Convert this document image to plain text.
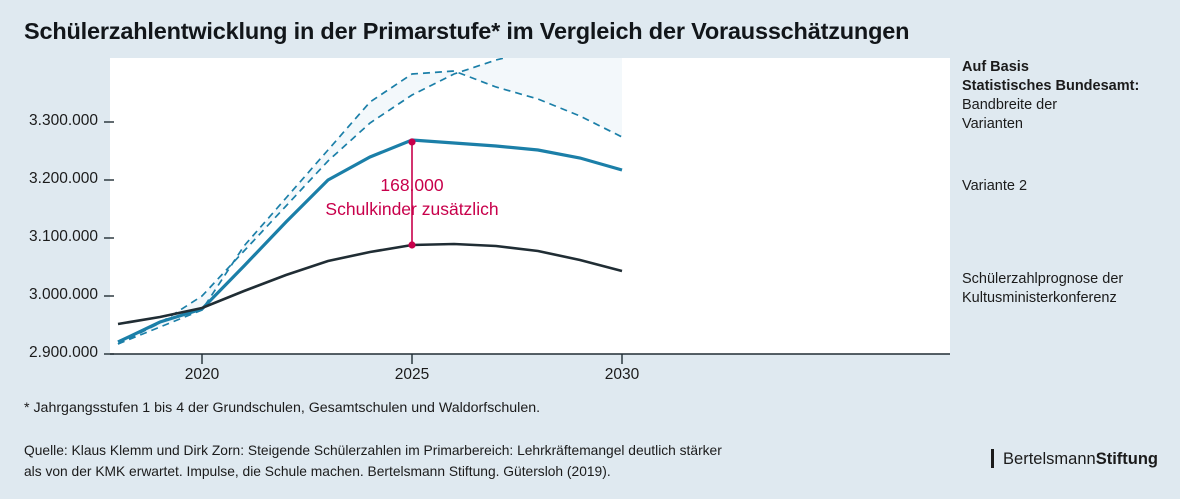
Schülerzahlentwicklung in der Primarstufe* im Vergleich der Vorausschätzungen
3.300.000
3.200.000
3.100.000
3.000.000
2.900.000
2020	2025	2030
168.000
Schulkinder zusätzlich
Auf Basis
Statistisches Bundesamt:
Bandbreite der
Varianten
Variante 2
Schülerzahlprognose der
Kultusministerkonferenz
* Jahrgangsstufen 1 bis 4 der Grundschulen, Gesamtschulen und Waldorfschulen.
Quelle: Klaus Klemm und Dirk Zorn: Steigende Schülerzahlen im Primarbereich: Lehrkräftemangel deutlich stärker
als von der KMK erwartet. Impulse, die Schule machen. Bertelsmann Stiftung. Gütersloh (2019).
BertelsmannStiftung
